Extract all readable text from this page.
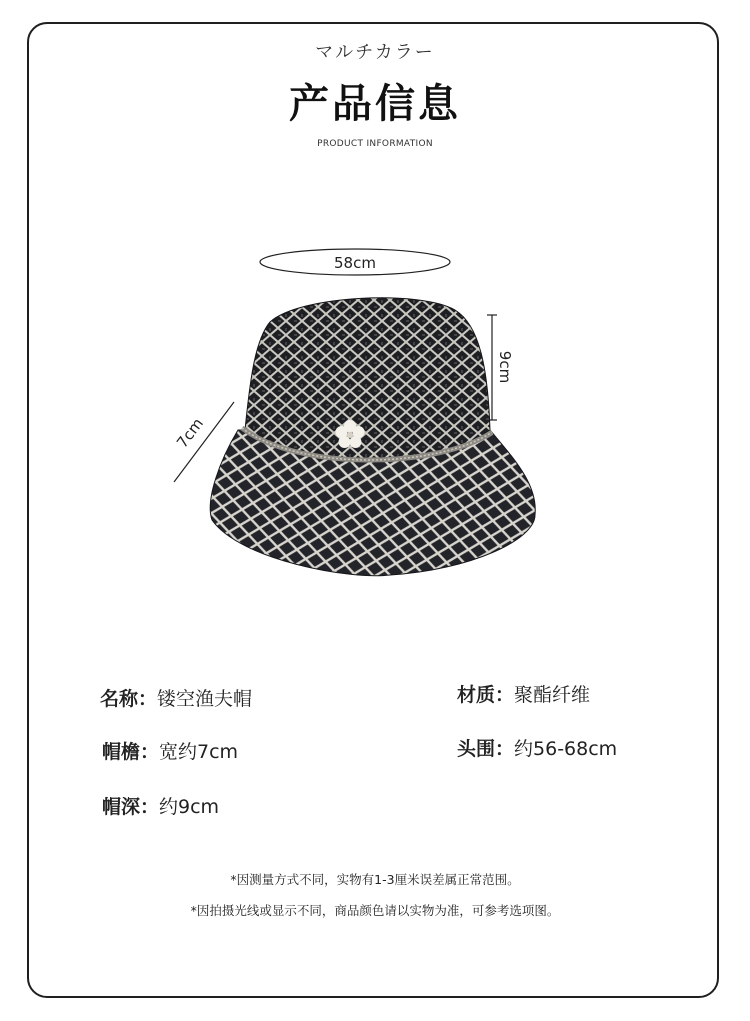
マルチカラー
产品信息
PRODUCT INFORMATION
58cm
9cm
7cm
名称：镂空渔夫帽	材质：聚酯纤维
帽檐：宽约7cm	头围：约56-68cm
帽深：约9cm
*因测量方式不同，实物有1-3厘米误差属正常范围。
*因拍摄光线或显示不同，商品颜色请以实物为准，可参考选项图。
